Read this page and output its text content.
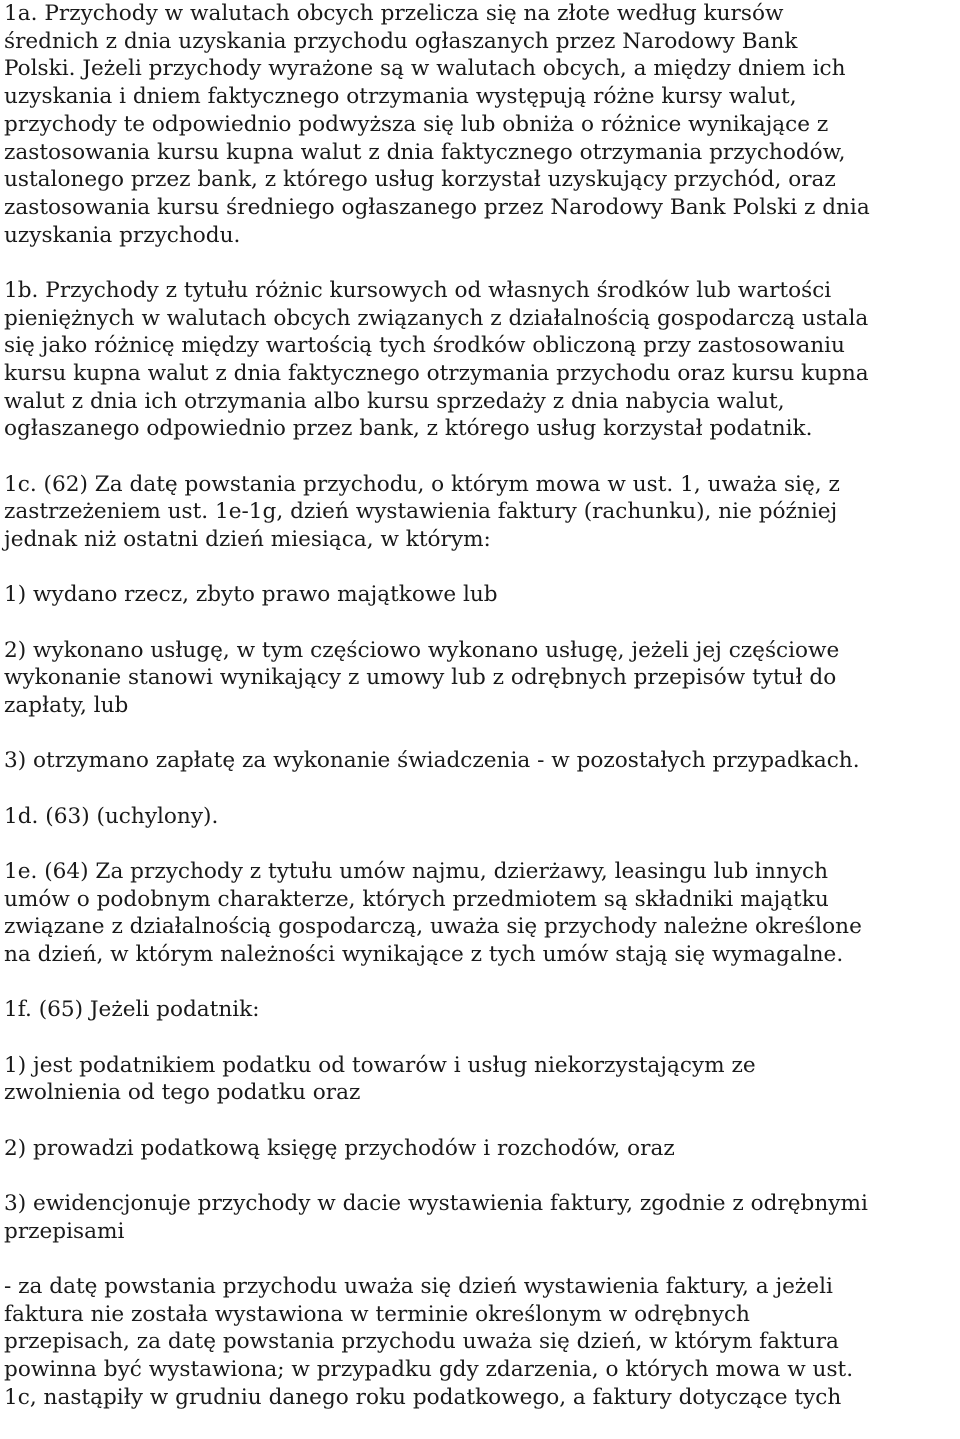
1a. Przychody w walutach obcych przelicza się na złote według kursów
średnich z dnia uzyskania przychodu ogłaszanych przez Narodowy Bank
Polski. Jeżeli przychody wyrażone są w walutach obcych, a między dniem ich
uzyskania i dniem faktycznego otrzymania występują różne kursy walut,
przychody te odpowiednio podwyższa się lub obniża o różnice wynikające z
zastosowania kursu kupna walut z dnia faktycznego otrzymania przychodów,
ustalonego przez bank, z którego usług korzystał uzyskujący przychód, oraz
zastosowania kursu średniego ogłaszanego przez Narodowy Bank Polski z dnia
uzyskania przychodu.

1b. Przychody z tytułu różnic kursowych od własnych środków lub wartości
pieniężnych w walutach obcych związanych z działalnością gospodarczą ustala
się jako różnicę między wartością tych środków obliczoną przy zastosowaniu
kursu kupna walut z dnia faktycznego otrzymania przychodu oraz kursu kupna
walut z dnia ich otrzymania albo kursu sprzedaży z dnia nabycia walut,
ogłaszanego odpowiednio przez bank, z którego usług korzystał podatnik.

1c. (62) Za datę powstania przychodu, o którym mowa w ust. 1, uważa się, z
zastrzeżeniem ust. 1e-1g, dzień wystawienia faktury (rachunku), nie później
jednak niż ostatni dzień miesiąca, w którym:

1) wydano rzecz, zbyto prawo majątkowe lub

2) wykonano usługę, w tym częściowo wykonano usługę, jeżeli jej częściowe
wykonanie stanowi wynikający z umowy lub z odrębnych przepisów tytuł do
zapłaty, lub

3) otrzymano zapłatę za wykonanie świadczenia - w pozostałych przypadkach.

1d. (63) (uchylony).

1e. (64) Za przychody z tytułu umów najmu, dzierżawy, leasingu lub innych
umów o podobnym charakterze, których przedmiotem są składniki majątku
związane z działalnością gospodarczą, uważa się przychody należne określone
na dzień, w którym należności wynikające z tych umów stają się wymagalne.

1f. (65) Jeżeli podatnik:

1) jest podatnikiem podatku od towarów i usług niekorzystającym ze
zwolnienia od tego podatku oraz

2) prowadzi podatkową księgę przychodów i rozchodów, oraz

3) ewidencjonuje przychody w dacie wystawienia faktury, zgodnie z odrębnymi
przepisami

- za datę powstania przychodu uważa się dzień wystawienia faktury, a jeżeli
faktura nie została wystawiona w terminie określonym w odrębnych
przepisach, za datę powstania przychodu uważa się dzień, w którym faktura
powinna być wystawiona; w przypadku gdy zdarzenia, o których mowa w ust.
1c, nastąpiły w grudniu danego roku podatkowego, a faktury dotyczące tych
